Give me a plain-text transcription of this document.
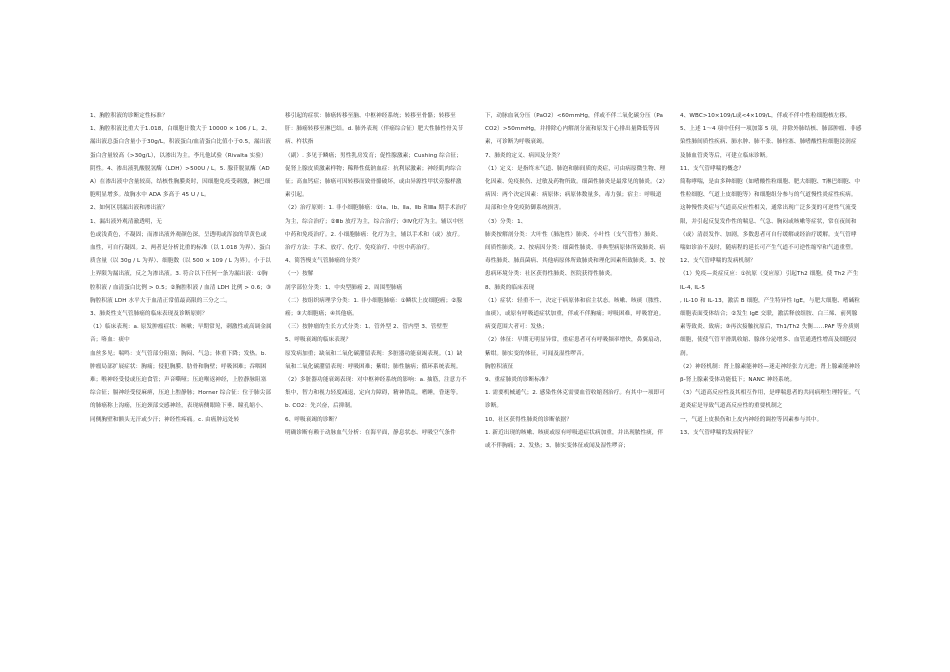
1、胸腔积液的诊断定性标准？

1、胸腔积液比重大于1.018，白细胞计数大于 10000 × 106 / L。2、漏出液总蛋白含量小于30g/L，积液蛋白/血清蛋白比值小于0.5，漏出液蛋白含量较高（>30g/L），以渗出为主。李凡他试验（Rivalta 实验）阴性。4、渗出液乳酸脱氢酶（LDH）>500U / L。5. 腺苷脱氨酶（ADA）在渗出液中含量较高，结核性胸膜炎时，因细胞免疫受刺激，淋巴细胞明显增多。故胸水中 ADA 多高于 45 U / L。

2、如何区别漏出液和渗出液？

1、漏出液外观清澈透明，无

色或浅黄色，不凝固；而渗出液外观颜色深，呈透明或浑浊的草黄色或血性，可自行凝固。2、两者是分析比重的标准（以 1.018 为界）、蛋白质含量（以 30g / L 为界）、细胞数（以 500 × 109 / L 为界）。小于以上界限为漏出液，反之为渗出液。3. 符合以下任何一条为漏出液：①胸腔积液 / 血清蛋白比例 > 0.5；②胸腔积液 / 血清 LDH 比例 > 0.6；③胸腔积液 LDH 水平大于血清正常值最高限的三分之二。

3、肺炎性支气管肺癌的临床表现及诊断原则？

（1）临床表现：a. 原发肿瘤症状：咳嗽；早期常见，刺激性或高调金属音；咯血：痰中

血丝多见；喘鸣：支气管部分阻塞；胸闷、气急；体重下降；发热。b. 肿瘤局部扩展症状：胸痛；侵犯胸膜、肋骨和胸壁；呼吸困难；吞咽困难；喉神经受侵或压迫食管；声音嘶哑；压迫喉返神经，上腔静脉阻塞综合征；膈神经受侵麻痹，压迫上腔静脉；Horner 综合征：位于肺尖部的肺癌称上沟癌，压迫颈部交感神经，表现病侧眼睑下垂、瞳孔缩小、同侧胸壁和额头无汗或少汗；神经性疼痛。c. 由癌肿远处转

移引起的症状：肺癌转移至脑、中枢神经系统；转移至骨骼；转移至肝：肺癌转移至淋巴结。d. 肺外表现（伴癌综合征）肥大性肺性骨关节病、杵状指

（副）. 多见于鳞癌；男性乳房发育；促性腺激素；Cushing 综合征；促肾上腺皮质激素样物；稀释性低钠血症：抗利尿激素；神经肌肉综合征；高血钙症；肺癌可因转移而致骨骼破坏，或由异源性甲状旁腺样激素引起。

（2）治疗原则：1. 非小细胞肺癌：①Ⅰa、Ⅰb、Ⅱa、Ⅱb 和Ⅲa 期手术治疗为主，综合治疗；②Ⅲb 放疗为主，综合治疗；③Ⅳ化疗为主。辅以中医中药和免疫治疗。2. 小细胞肺癌：化疗为主，辅以手术和（或）放疗。

治疗方法：手术、放疗、化疗、免疫治疗、中医中药治疗。

4、简答慢支气管肺癌的分类？

（一）按解

剖学部位分类：1、中央型肺癌 2、周围型肺癌

（二）按组织病理学分类：1. 非小细胞肺癌：①鳞状上皮细胞癌；②腺癌；③大细胞癌；④其他癌。

（三）按肿瘤的生长方式分类：1、管外型 2、管内型 3、管壁型

5、呼吸衰竭的临床表现？

原发病加重；缺氧和二氧化碳潴留表现：多脏器功能衰竭表现。（1）缺氧和二氧化碳潴留表现：呼吸困难；紫绀；肺性脑病；循环系统表现。（2）多脏器功能衰竭表现：对中枢神经系统的影响：a. 抽筋，注意力不集中，智力和视力轻度减退，定向力障碍，精神错乱，嗜睡，昏迷等。b. CO2：先兴奋，后抑制。

6、呼吸衰竭的诊断？

明确诊断有赖于动脉血气分析：在海平面，静息状态、呼吸空气条件

下，动脉血氧分压（PaO2）<60mmHg，伴或不伴二氧化碳分压（PaCO2）>50mmHg，并排除心内解剖分流和原发于心排出量降低等因素，可诊断为呼吸衰竭。

7、肺炎的定义、病因及分类？

（1）定义：是指终末气道、肺泡和肺间质的炎症，可由病原微生物、理化因素、免疫损伤、过敏及药物所致。细菌性肺炎是最常见的肺炎。（2）病因：两个决定因素：病原体；病原体数量多，毒力强；宿主：呼吸道局部和全身免疫防御系统损害。

（3）分类：1、

肺炎按解剖分类：大叶性（肺泡性）肺炎、小叶性（支气管性）肺炎、间质性肺炎。2、按病因分类：细菌性肺炎、非典型病原体所致肺炎、病毒性肺炎、肺真菌病、其他病原体所致肺炎和理化因素所致肺炎。3、按患病环境分类：社区获得性肺炎、医院获得性肺炎。

8、肺炎的临床表现

（1）症状：轻重不一，决定于病原体和宿主状态。咳嗽、咳痰（脓性、血痰），或原有呼吸道症状加重，伴或不伴胸痛；呼吸困难，呼吸窘迫。病变范围大者可：发热；

（2）体征：早期无明显异常，重症患者可有呼吸频率增快，鼻翼扇动，紫绀。肺实变的体征，可闻及湿性啰音。

胸腔积液征

9、重症肺炎的诊断标准？

1. 需要机械通气；2. 感染性休克需要血管收缩剂治疗。有其中一项即可诊断。

10、社区获得性肺炎的诊断依据？

1. 新近出现的咳嗽、咳痰或原有呼吸道症状病加重，并出现脓性痰，伴或不伴胸痛；2、发热；3、肺实变体征或闻及湿性啰音；

4、WBC>10×109/L或<4×109/L，伴或不伴中性粒细胞核左移。

5、上述 1～4 项中任何一项加第 5 项，并除外肺结核、肺部肿瘤、非感染性肺间质性疾病、肺水肿、肺不张、肺栓塞、肺嗜酸性粒细胞浸润症及肺血管炎等后，可建立临床诊断。

11、支气管哮喘的概念？

简称哮喘，是由多种细胞（如嗜酸性粒细胞、肥大细胞、T淋巴细胞、中性粒细胞、气道上皮细胞等）和细胞组分参与的气道慢性炎症性疾病。这种慢性炎症与气道高反应性相关，通常出现广泛多变的可逆性气流受限，并引起反复发作性的喘息、气急、胸闷或咳嗽等症状，常在夜间和（或）清晨发作、加剧，多数患者可自行缓解或经治疗缓解。支气管哮喘如诊治不及时，随病程的延长可产生气道不可逆性缩窄和气道重塑。

12、支气管哮喘的发病机制？

（1）免疫—炎症反应：①抗原（变应原）引起Th2 细胞，使 Th2 产生 IL-4, IL-5

, IL-10 和 IL-13，激活 B 细胞，产生特异性 IgE，与肥大细胞、嗜碱粒细胞表面受体结合；②发生 IgE 交联，激活释放组胺、白三烯、前列腺素等致炎、致病；③再次接触抗原后，Th1/Th2 失衡……PAF 等介质则细胞，使使气管平滑肌收缩、腺体分泌增多、血管通透性增高及细胞浸润。

（2）神经机制：肾上腺素能神经—迷走神经张力亢进；肾上腺素能神经β-肾上腺素受体功能低下；NANC 神经系统。

（3）气道高反应性及其相互作用，是哮喘患者的共同病理生理特征。气道炎症是导致气道高反应性的重要机制之

一，气道上皮损伤和上皮内神经的调控等因素参与其中。

13、支气管哮喘的发病特征？
